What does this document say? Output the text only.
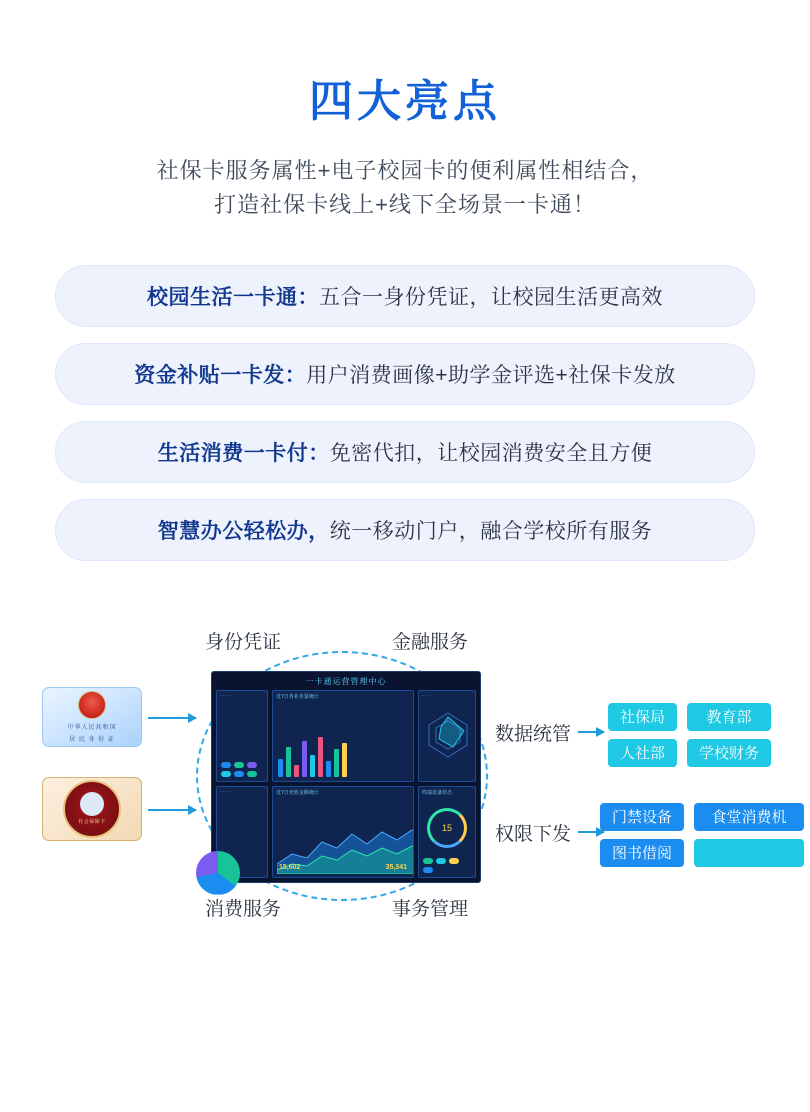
四大亮点
社保卡服务属性+电子校园卡的便利属性相结合，
打造社保卡线上+线下全场景一卡通！
校园生活一卡通： 五合一身份凭证，让校园生活更高效
资金补贴一卡发： 用户消费画像+助学金评选+社保卡发放
生活消费一卡付： 免密代扣，让校园消费安全且方便
智慧办公轻松办， 统一移动门户，融合学校所有服务
身份凭证	金融服务
消费服务	事务管理
中华人民共和国
居 民 身 份 证
社会保障卡
一卡通运营管理中心
· · · ·	近7日各业务量统计	· · ·
· · · ·	近7日充值金额统计
15,602	35,341
终端设备状态
15
数据统管
权限下发
社保局	教育部
人社部	学校财务
门禁设备	食堂消费机
图书借阅
